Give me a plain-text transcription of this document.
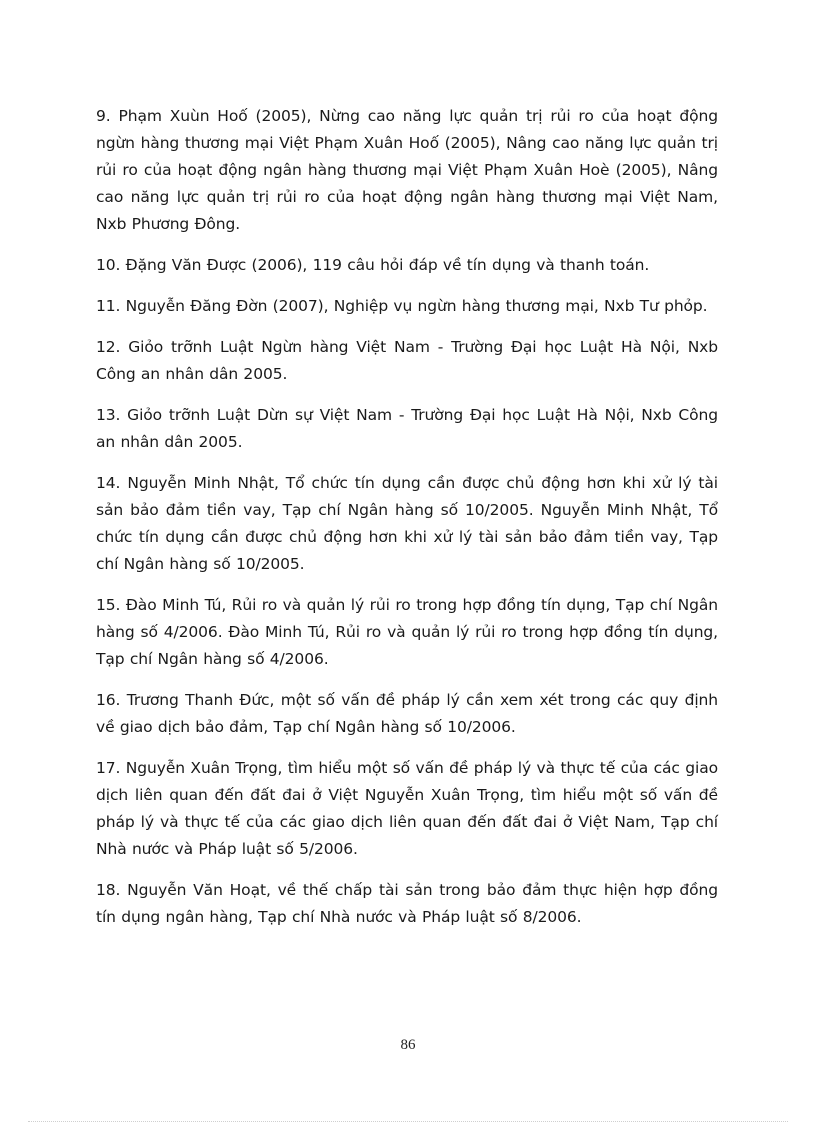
9. Phạm Xuùn Hoố (2005), Nừng cao năng lực quản trị rủi ro của hoạt động ngừn hàng thương mại Việt Phạm Xuân Hoố (2005), Nâng cao năng lực quản trị rủi ro của hoạt động ngân hàng thương mại Việt Phạm Xuân Hoè (2005), Nâng cao năng lực quản trị rủi ro của hoạt động ngân hàng thương mại Việt Nam, Nxb Phương Đông.

10. Đặng Văn Được (2006), 119 câu hỏi đáp về tín dụng và thanh toán.

11. Nguyễn Đăng Đờn (2007), Nghiệp vụ ngừn hàng thương mại, Nxb Tư phỏp.

12. Giỏo trỡnh Luật Ngừn hàng Việt Nam - Trường Đại học Luật Hà Nội, Nxb Công an nhân dân 2005.

13. Giỏo trỡnh Luật Dừn sự Việt Nam - Trường Đại học Luật Hà Nội, Nxb Công an nhân dân 2005.

14. Nguyễn Minh Nhật, Tổ chức tín dụng cần được chủ động hơn khi xử lý tài sản bảo đảm tiền vay, Tạp chí Ngân hàng số 10/2005. Nguyễn Minh Nhật, Tổ chức tín dụng cần được chủ động hơn khi xử lý tài sản bảo đảm tiền vay, Tạp chí Ngân hàng số 10/2005.

15. Đào Minh Tú, Rủi ro và quản lý rủi ro trong hợp đồng tín dụng, Tạp chí Ngân hàng số 4/2006. Đào Minh Tú, Rủi ro và quản lý rủi ro trong hợp đồng tín dụng, Tạp chí Ngân hàng số 4/2006.

16. Trương Thanh Đức, một số vấn đề pháp lý cần xem xét trong các quy định về giao dịch bảo đảm, Tạp chí Ngân hàng số 10/2006.

17. Nguyễn Xuân Trọng, tìm hiểu một số vấn đề pháp lý và thực tế của các giao dịch liên quan đến đất đai ở Việt Nguyễn Xuân Trọng, tìm hiểu một số vấn đề pháp lý và thực tế của các giao dịch liên quan đến đất đai ở Việt Nam, Tạp chí Nhà nước và Pháp luật số 5/2006.

18. Nguyễn Văn Hoạt, về thế chấp tài sản trong bảo đảm thực hiện hợp đồng tín dụng ngân hàng, Tạp chí Nhà nước và Pháp luật số 8/2006.

86
